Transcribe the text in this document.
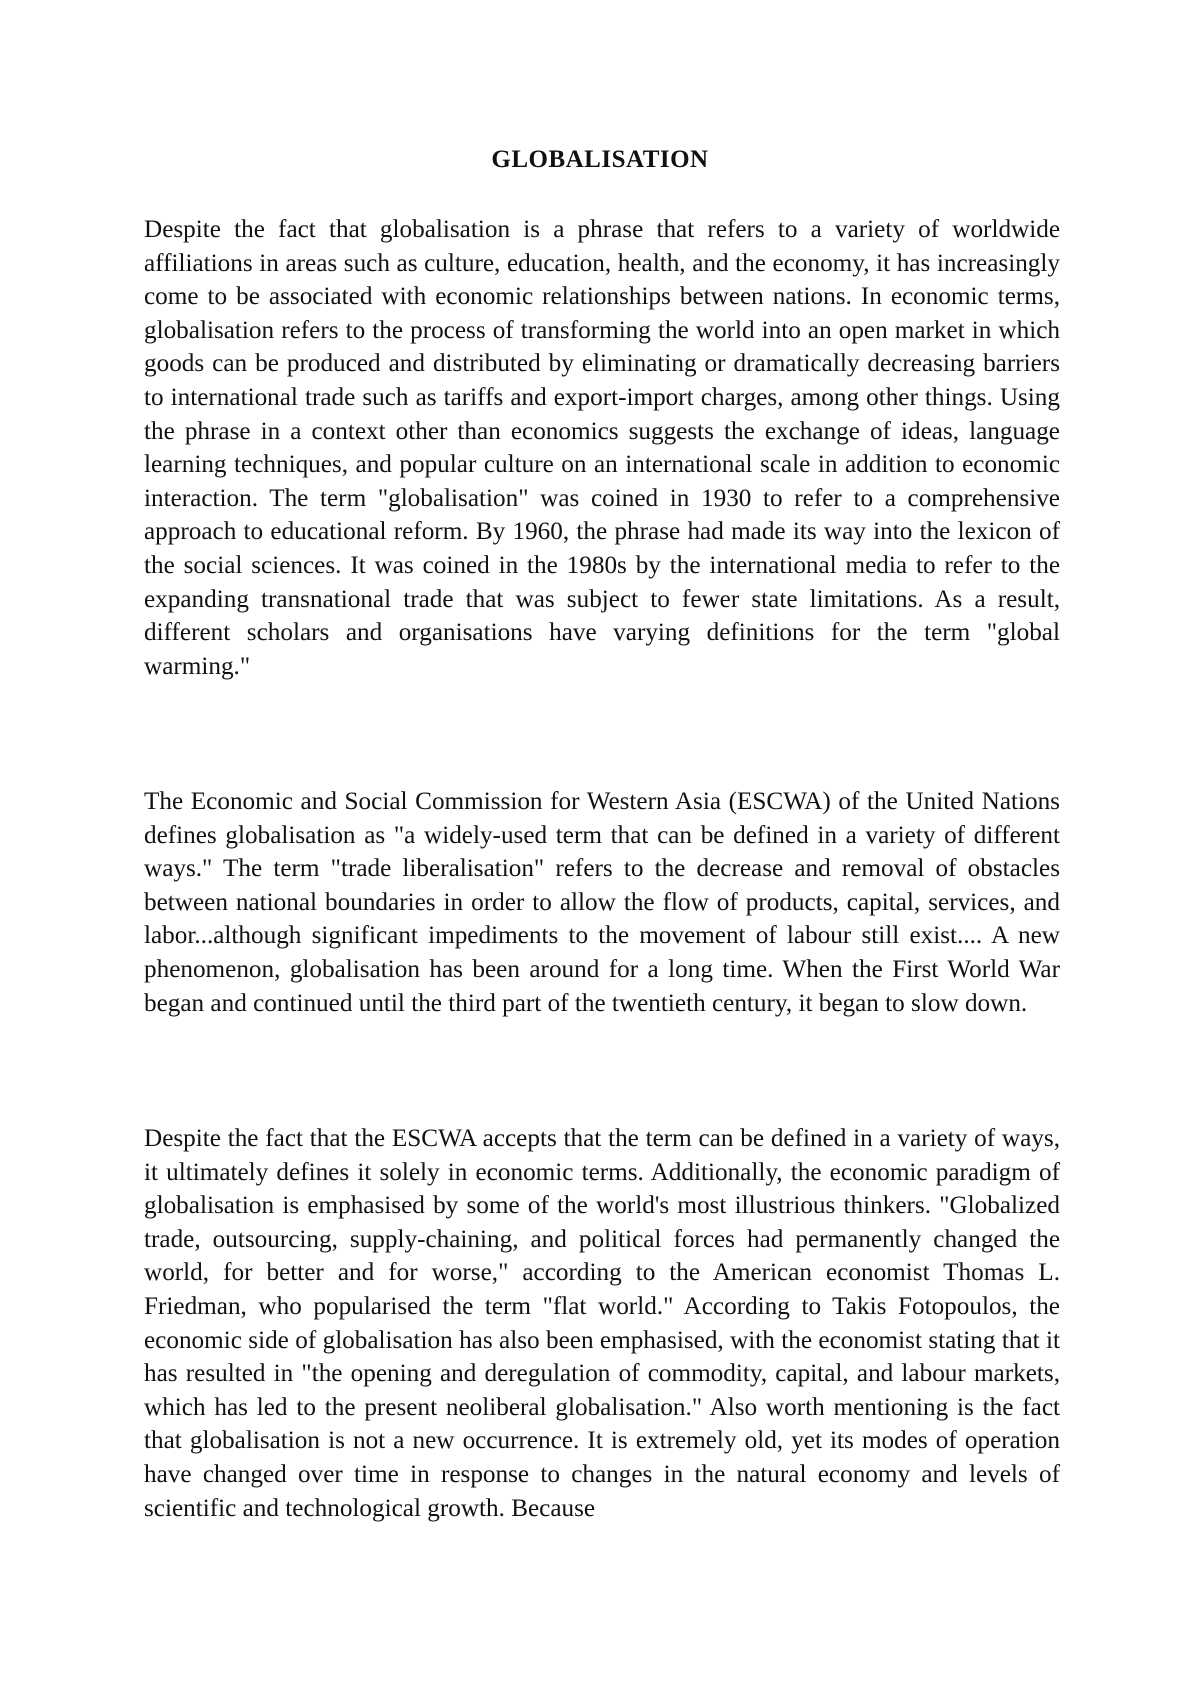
GLOBALISATION

Despite the fact that globalisation is a phrase that refers to a variety of worldwide affiliations in areas such as culture, education, health, and the economy, it has increasingly come to be associated with economic relationships between nations. In economic terms, globalisation refers to the process of transforming the world into an open market in which goods can be produced and distributed by eliminating or dramatically decreasing barriers to international trade such as tariffs and export-import charges, among other things. Using the phrase in a context other than economics suggests the exchange of ideas, language learning techniques, and popular culture on an international scale in addition to economic interaction. The term "globalisation" was coined in 1930 to refer to a comprehensive approach to educational reform. By 1960, the phrase had made its way into the lexicon of the social sciences. It was coined in the 1980s by the international media to refer to the expanding transnational trade that was subject to fewer state limitations. As a result, different scholars and organisations have varying definitions for the term "global warming."

The Economic and Social Commission for Western Asia (ESCWA) of the United Nations defines globalisation as "a widely-used term that can be defined in a variety of different ways." The term "trade liberalisation" refers to the decrease and removal of obstacles between national boundaries in order to allow the flow of products, capital, services, and labor...although significant impediments to the movement of labour still exist.... A new phenomenon, globalisation has been around for a long time. When the First World War began and continued until the third part of the twentieth century, it began to slow down.

Despite the fact that the ESCWA accepts that the term can be defined in a variety of ways, it ultimately defines it solely in economic terms. Additionally, the economic paradigm of globalisation is emphasised by some of the world's most illustrious thinkers. "Globalized trade, outsourcing, supply-chaining, and political forces had permanently changed the world, for better and for worse," according to the American economist Thomas L. Friedman, who popularised the term "flat world." According to Takis Fotopoulos, the economic side of globalisation has also been emphasised, with the economist stating that it has resulted in "the opening and deregulation of commodity, capital, and labour markets, which has led to the present neoliberal globalisation." Also worth mentioning is the fact that globalisation is not a new occurrence. It is extremely old, yet its modes of operation have changed over time in response to changes in the natural economy and levels of scientific and technological growth. Because
